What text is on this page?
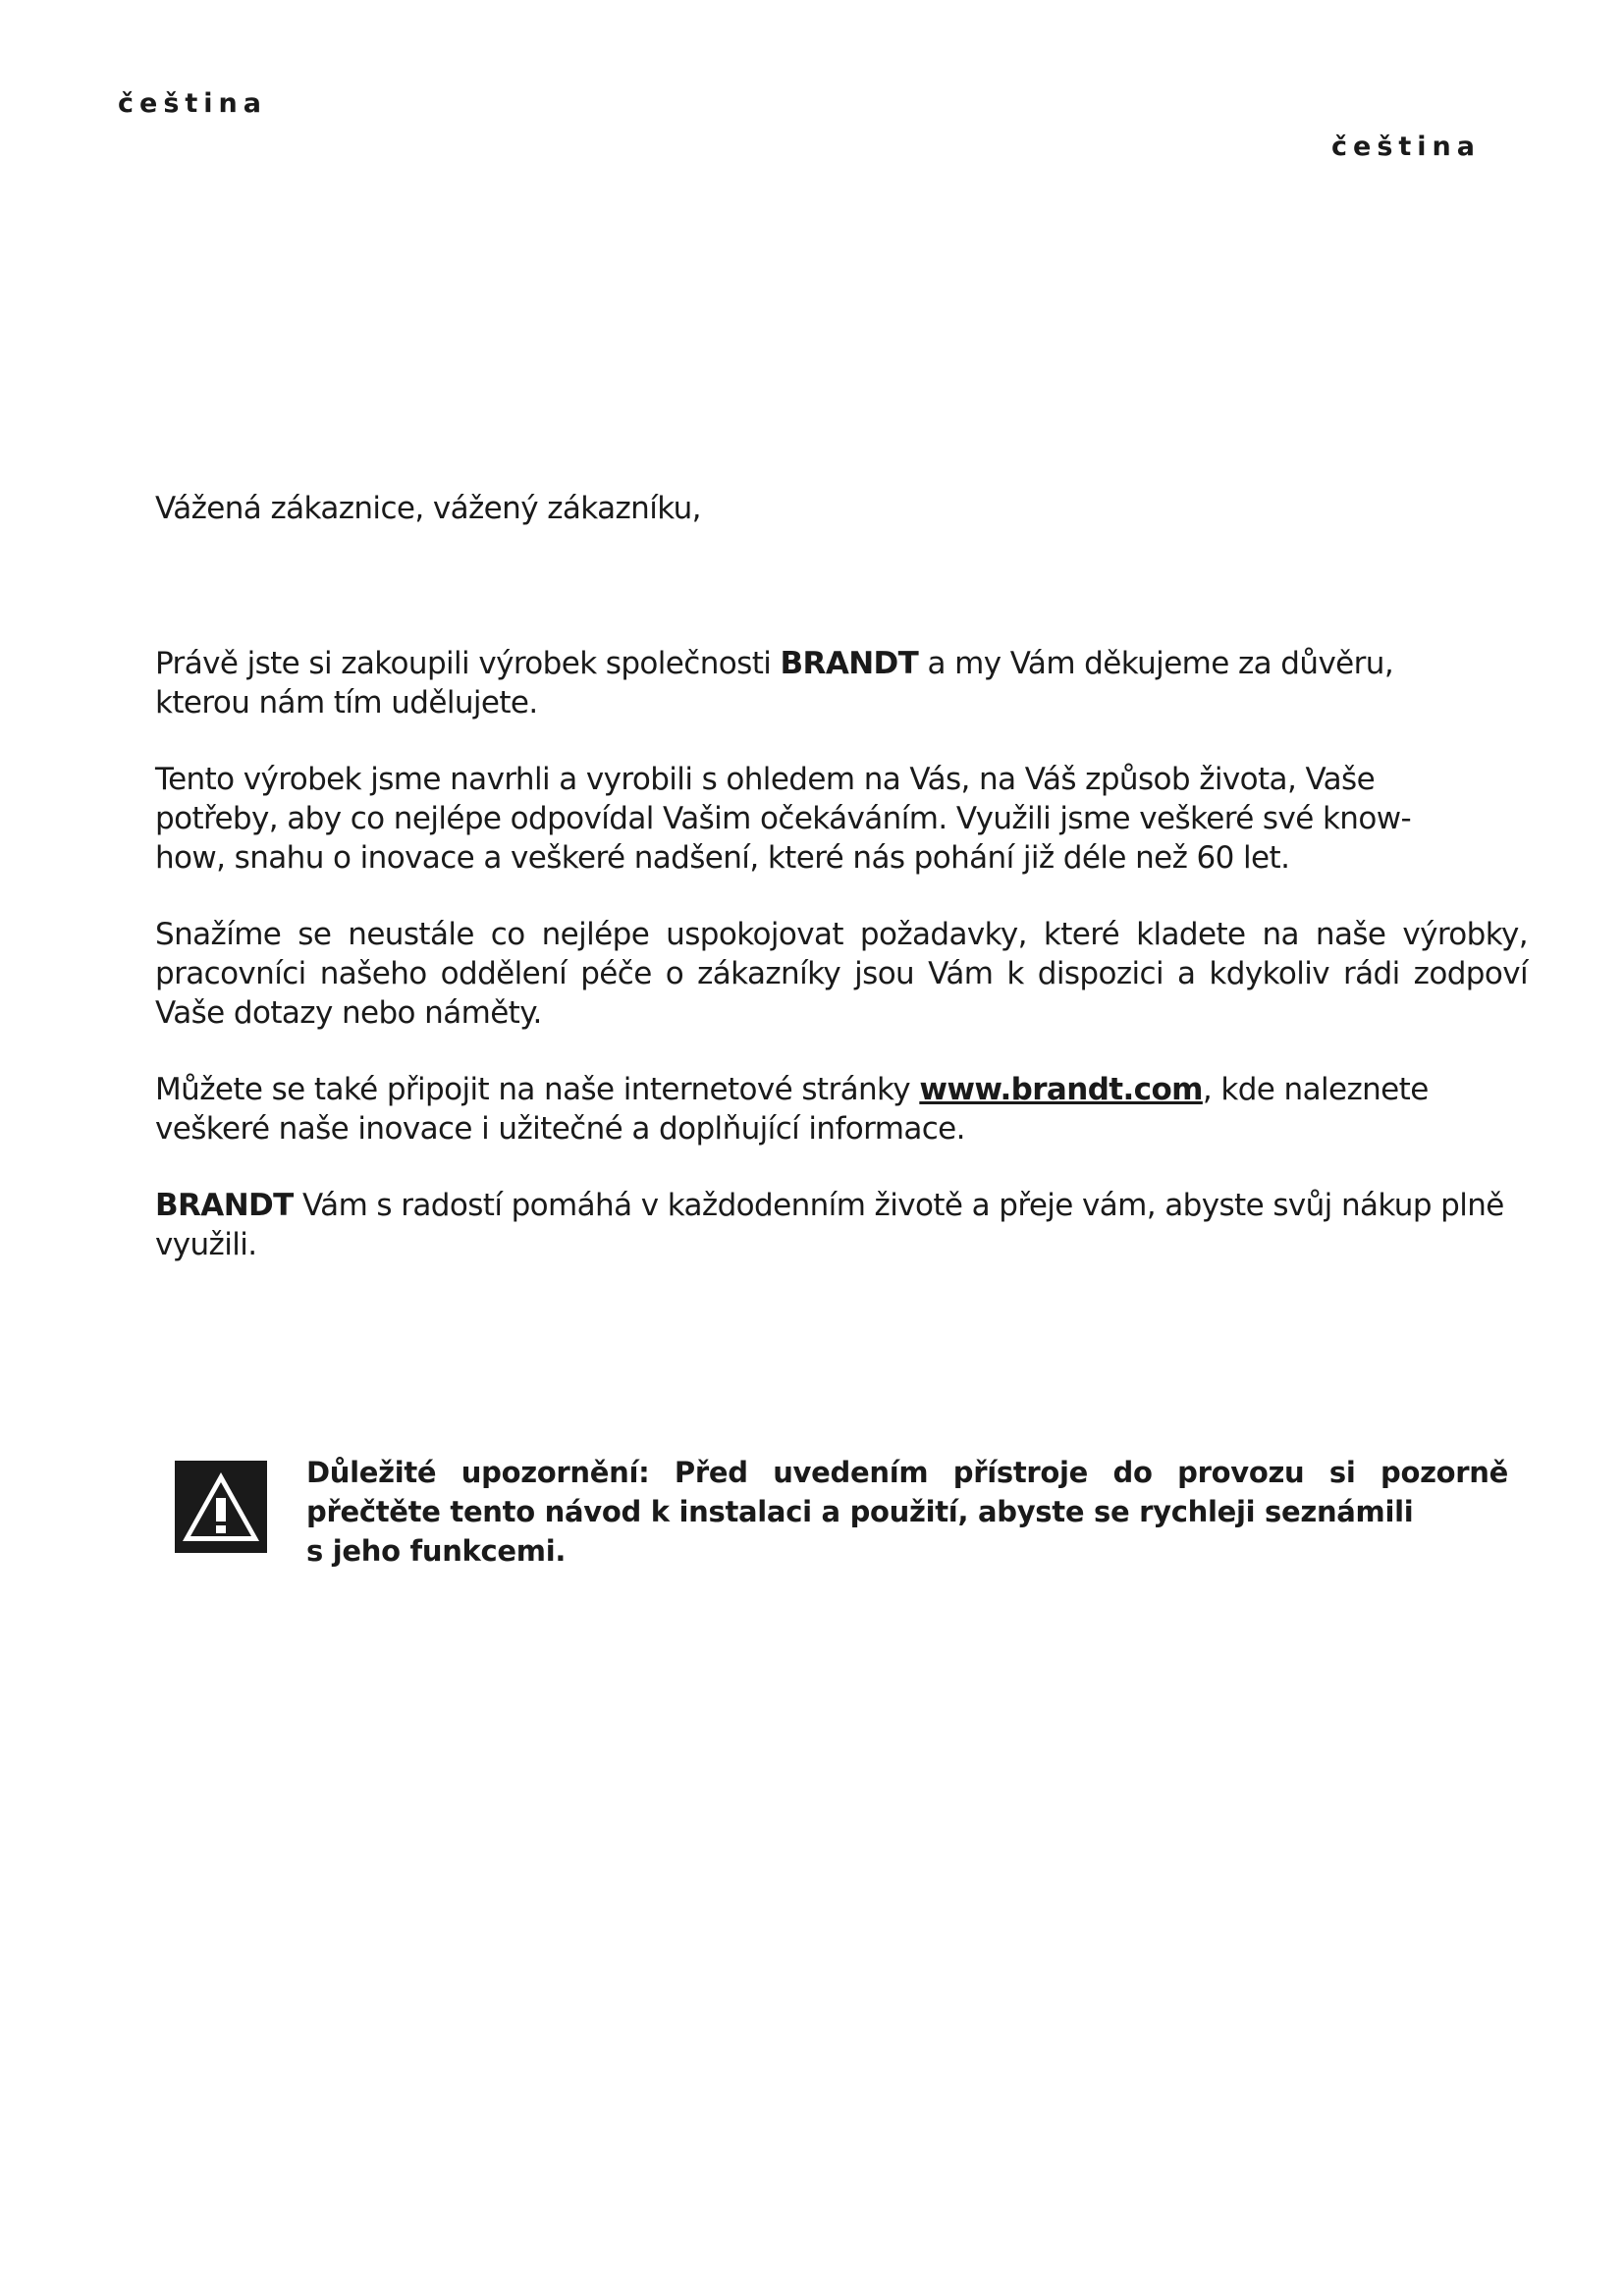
čeština
čeština

Vážená zákaznice, vážený zákazníku,

Právě jste si zakoupili výrobek společnosti BRANDT a my Vám děkujeme za důvěru, kterou nám tím udělujete.

Tento výrobek jsme navrhli a vyrobili s ohledem na Vás, na Váš způsob života, Vaše potřeby, aby co nejlépe odpovídal Vašim očekáváním. Využili jsme veškeré své know-how, snahu o inovace a veškeré nadšení, které nás pohání již déle než 60 let.

Snažíme se neustále co nejlépe uspokojovat požadavky, které kladete na naše výrobky, pracovníci našeho oddělení péče o zákazníky jsou Vám k dispozici a kdykoliv rádi zodpoví Vaše dotazy nebo náměty.

Můžete se také připojit na naše internetové stránky www.brandt.com, kde naleznete veškeré naše inovace i užitečné a doplňující informace.

BRANDT Vám s radostí pomáhá v každodenním životě a přeje vám, abyste svůj nákup plně využili.

Důležité upozornění: Před uvedením přístroje do provozu si pozorně
přečtěte tento návod k instalaci a použití, abyste se rychleji seznámili
s jeho funkcemi.
